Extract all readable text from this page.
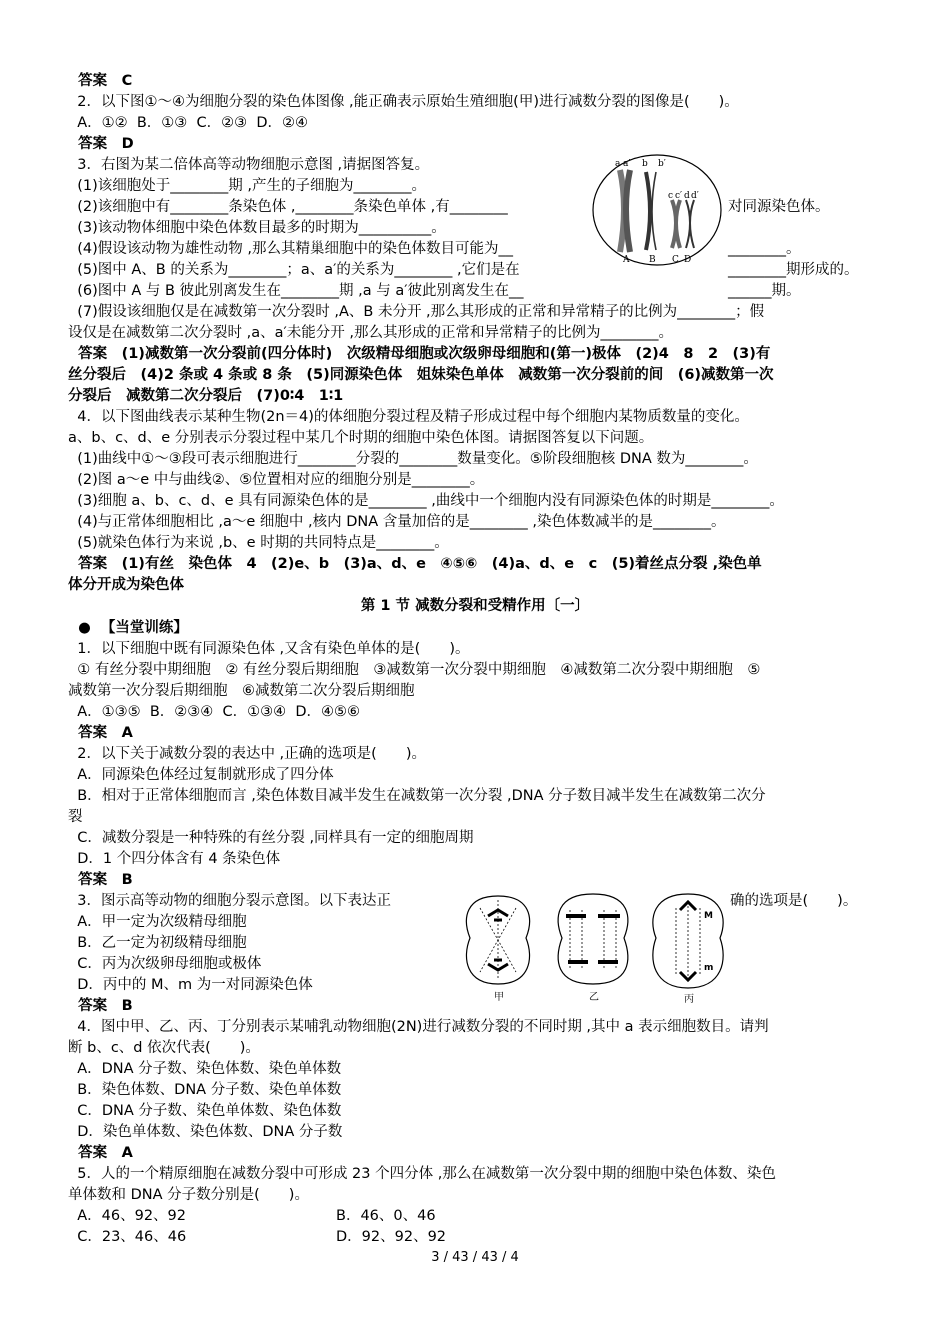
答案　C
2．以下图①～④为细胞分裂的染色体图像 ,能正确表示原始生殖细胞(甲)进行减数分裂的图像是(　　)。
A．①②  B．①③  C．②③  D．②④
答案　D
3．右图为某二倍体高等动物细胞示意图 ,请据图答复。
(1)该细胞处于________期 ,产生的子细胞为________。
(2)该细胞中有________条染色体 ,________条染色单体 ,有________	对同源染色体。
(3)该动物体细胞中染色体数目最多的时期为__________。
(4)假设该动物为雄性动物 ,那么其精巢细胞中的染色体数目可能为__	________。
(5)图中 A、B 的关系为________；a、a′的关系为________ ,它们是在	________期形成的。
(6)图中 A 与 B 彼此别离发生在________期 ,a 与 a′彼此别离发生在__	______期。
(7)假设该细胞仅是在减数第一次分裂时 ,A、B 未分开 ,那么其形成的正常和异常精子的比例为________；假
设仅是在减数第二次分裂时 ,a、a′未能分开 ,那么其形成的正常和异常精子的比例为________。
答案　(1)减数第一次分裂前(四分体时)　次级精母细胞或次级卵母细胞和(第一)极体　(2)4　8　2　(3)有
丝分裂后　(4)2 条或 4 条或 8 条　(5)同源染色体　姐妹染色单体　减数第一次分裂前的间　(6)减数第一次
分裂后　减数第二次分裂后　(7)0∶4　1∶1
4．以下图曲线表示某种生物(2n＝4)的体细胞分裂过程及精子形成过程中每个细胞内某物质数量的变化。
a、b、c、d、e 分别表示分裂过程中某几个时期的细胞中染色体图。请据图答复以下问题。
(1)曲线中①～③段可表示细胞进行________分裂的________数量变化。⑤阶段细胞核 DNA 数为________。
(2)图 a～e 中与曲线②、⑤位置相对应的细胞分别是________。
(3)细胞 a、b、c、d、e 具有同源染色体的是________ ,曲线中一个细胞内没有同源染色体的时期是________。
(4)与正常体细胞相比 ,a～e 细胞中 ,核内 DNA 含量加倍的是________ ,染色体数减半的是________。
(5)就染色体行为来说 ,b、e 时期的共同特点是________。
答案　(1)有丝　染色体　4　(2)e、b　(3)a、d、e　④⑤⑥　(4)a、d、e　c　(5)着丝点分裂 ,染色单
体分开成为染色体
第 1 节 减数分裂和受精作用〔一〕
●  【当堂训练】
1．以下细胞中既有同源染色体 ,又含有染色单体的是(　　)。
① 有丝分裂中期细胞　② 有丝分裂后期细胞　③减数第一次分裂中期细胞　④减数第二次分裂中期细胞　⑤
减数第一次分裂后期细胞　⑥减数第二次分裂后期细胞
A．①③⑤  B．②③④  C．①③④  D．④⑤⑥
答案　A
2．以下关于减数分裂的表达中 ,正确的选项是(　　)。
A．同源染色体经过复制就形成了四分体
B．相对于正常体细胞而言 ,染色体数目减半发生在减数第一次分裂 ,DNA 分子数目减半发生在减数第二次分
裂
C．减数分裂是一种特殊的有丝分裂 ,同样具有一定的细胞周期
D．1 个四分体含有 4 条染色体
答案　B
3．图示高等动物的细胞分裂示意图。以下表达正	确的选项是(　　)。
A．甲一定为次级精母细胞
B．乙一定为初级精母细胞
C．丙为次级卵母细胞或极体
D．丙中的 M、m 为一对同源染色体
答案　B
4．图中甲、乙、丙、丁分别表示某哺乳动物细胞(2N)进行减数分裂的不同时期 ,其中 a 表示细胞数目。请判
断 b、c、d 依次代表(　　)。
A．DNA 分子数、染色体数、染色单体数
B．染色体数、DNA 分子数、染色单体数
C．DNA 分子数、染色单体数、染色体数
D．染色单体数、染色体数、DNA 分子数
答案　A
5．人的一个精原细胞在减数分裂中可形成 23 个四分体 ,那么在减数第一次分裂中期的细胞中染色体数、染色
单体数和 DNA 分子数分别是(　　)。
A．46、92、92	B．46、0、46
C．23、46、46	D．92、92、92
3 / 43 / 43 / 4
a a′ b b′
c c′ d d′
A B C D
甲	乙
M
m
丙
